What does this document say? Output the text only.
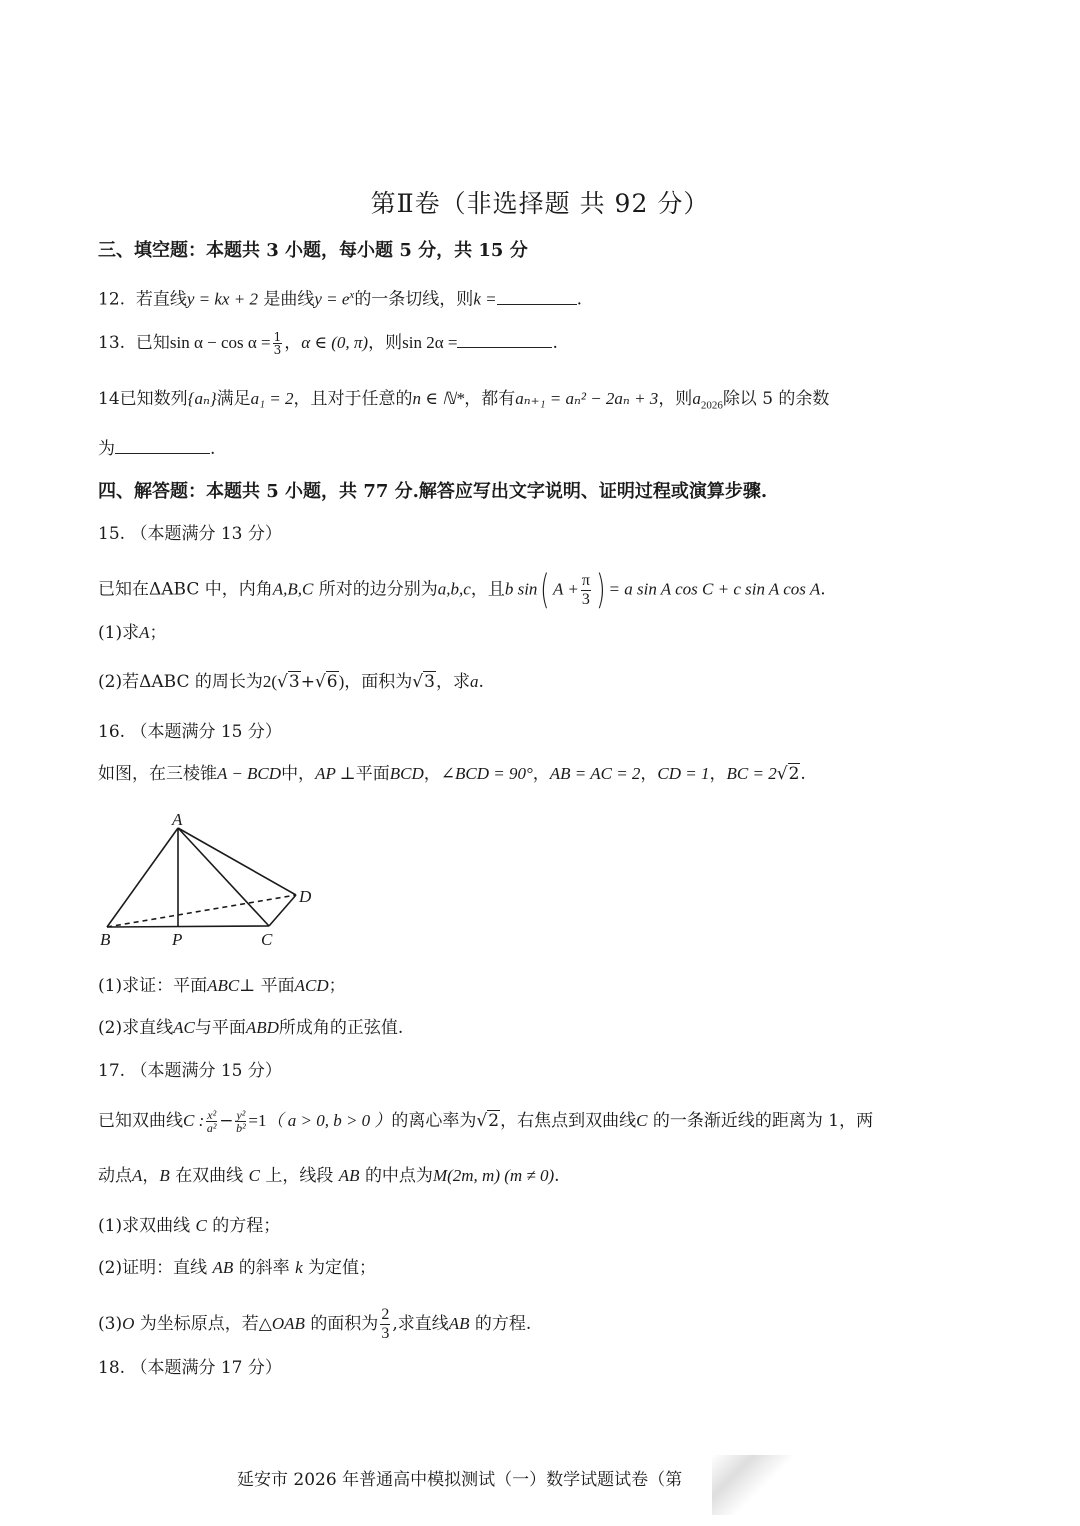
第Ⅱ卷（非选择题 共 92 分）
三、填空题：本题共 3 小题，每小题 5 分，共 15 分
12. 若直线y = kx + 2 是曲线$y = e^x$的一条切线，则k =	.
13. 已知$\sin \alpha - \cos \alpha = \frac{1}{3}$ ，α ∈ (0, π)，则sin 2α =	.
14已知数列{aₙ}满足a₁ = 2，且对于任意的n ∈ ℕ*，都有aₙ₊₁ = aₙ² − 2aₙ + 3，则$a_{2026}$除以 5 的余数
为	.
四、解答题：本题共 5 小题，共 77 分.解答应写出文字说明、证明过程或演算步骤.
15. （本题满分 13 分）
已知在ΔABC 中，内角A,B,C 所对的边分别为a,b,c，且b sin( $A + \frac{\pi}{3}$ ) = a sin A cos C + c sin A cos A.
(1)求A；
(2)若ΔABC 的周长为2(√3+√6)，面积为√3，求a.
16. （本题满分 15 分）
如图，在三棱锥A − BCD中，AP ⊥平面BCD，∠BCD = 90°，AB = AC = 2，CD = 1，BC = 2√2.
A
B	P	C
D
(1)求证：平面ABC⊥ 平面ACD；
(2)求直线AC与平面ABD所成角的正弦值.
17. （本题满分 15 分）
已知双曲线C : $\frac{\text{x²}}{\text{a²}} - \frac{\text{y²}}{\text{b²}} =1$（ a > 0, b > 0 ）的离心率为√2，右焦点到双曲线C 的一条渐近线的距离为 1，两
动点A，B 在双曲线 C 上，线段 AB 的中点为M(2m, m) (m ≠ 0).
(1)求双曲线 C 的方程；
(2)证明：直线 AB 的斜率 k 为定值；
(3)O 为坐标原点，若△OAB 的面积为 $\frac{2}{3}$ ,求直线AB 的方程.
18. （本题满分 17 分）
延安市 2026 年普通高中模拟测试（一）数学试题试卷（第
